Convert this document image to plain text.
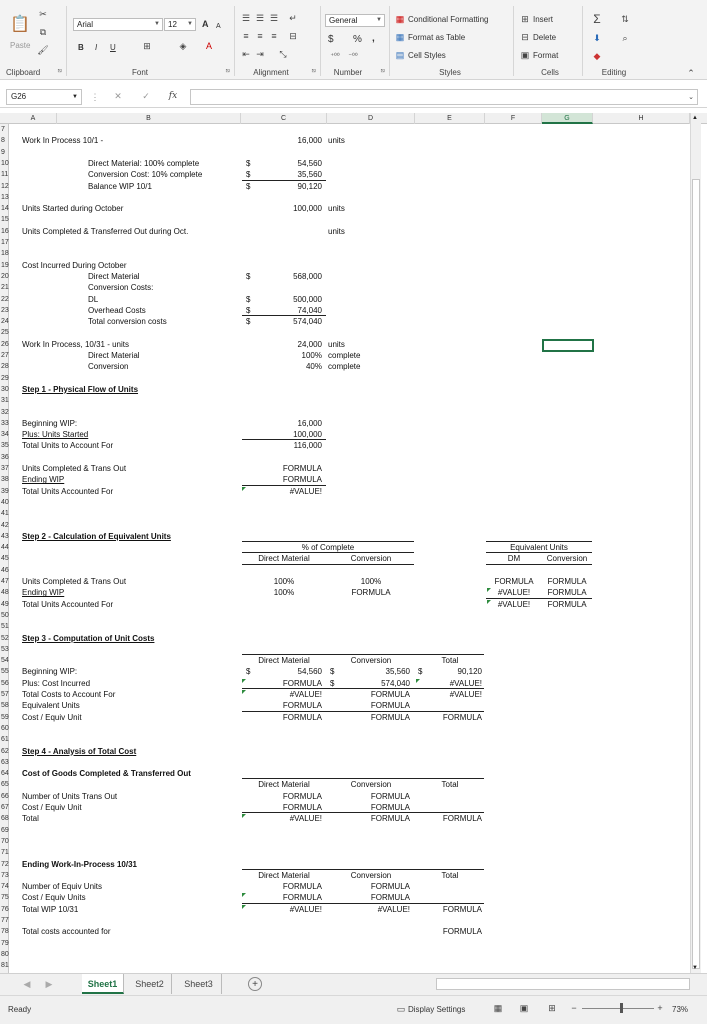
✂
⧉
🖌
📋
Paste
Clipboard	⧅
Arial	▼	12 ▼ A A
B I U	⊞	◈	A
Font	⧅
☰ ☰ ☰	↵
≡ ≡ ≡	⊟
⇤ ⇥	⤡
Alignment	⧅
General	▼
$ % ,
⁺⁰⁰	⁻⁰⁰
Number	⧅
▦ Conditional Formatting
▦ Format as Table
▤ Cell Styles
Styles
⊞ Insert
⊟ Delete
▣ Format
Cells
Σ	⇅
⬇	⌕
◆
Editing	⌃
G26	▼ ⋮ ✕ ✓	fx	⌄
A	B	C	D	E	F	G	H
7
8
9
10
11
12
13
14
15
16
17
18
19
20
21
22
23
24
25
26
27
28
29
30
31
32
33
34
35
36
37
38
39
40
41
42
43
44
45
46
47
48
49
50
51
52
53
54
55
56
57
58
59
60
61
62
63
64
65
66
67
68
69
70
71
72
73
74
75
76
77
78
79
80
81
Work In Process 10/1 -	16,000 units
Direct Material: 100% complete	$	54,560
Conversion Cost: 10% complete	$	35,560
Balance WIP 10/1	$	90,120
Units Started during October	100,000 units
Units Completed & Transferred Out during Oct.	units
Cost Incurred During October
Direct Material	$	568,000
Conversion Costs:
DL	$	500,000
Overhead Costs	$	74,040
Total conversion costs	$	574,040
Work In Process, 10/31 - units	24,000 units
Direct Material	100% complete
Conversion	40% complete
Step 1 - Physical Flow of Units
Beginning WIP:	16,000
Plus: Units Started	100,000
Total Units to Account For	116,000
Units Completed & Trans Out	FORMULA
Ending WIP	FORMULA
Total Units Accounted For	#VALUE!
Step 2 - Calculation of Equivalent Units
% of Complete	Equivalent Units
Direct Material	Conversion	DM	Conversion
Units Completed & Trans Out	100%	100%	FORMULA	FORMULA
Ending WIP	100%	FORMULA	#VALUE!	FORMULA
Total Units Accounted For	#VALUE!	FORMULA
Step 3 - Computation of Unit Costs
Direct Material	Conversion	Total
Beginning WIP:	$	54,560 $	35,560 $	90,120
Plus: Cost Incurred	FORMULA $	574,040	#VALUE!
Total Costs to Account For	#VALUE!	FORMULA	#VALUE!
Equivalent Units	FORMULA	FORMULA
Cost / Equiv Unit	FORMULA	FORMULA	FORMULA
Step 4 - Analysis of Total Cost
Cost of Goods Completed & Transferred Out
Direct Material	Conversion	Total
Number of Units Trans Out	FORMULA	FORMULA
Cost / Equiv Unit	FORMULA	FORMULA
Total	#VALUE!	FORMULA	FORMULA
Ending Work-In-Process 10/31
Direct Material	Conversion	Total
Number of Equiv Units	FORMULA	FORMULA
Cost / Equiv Units	FORMULA	FORMULA
Total WIP 10/31	#VALUE!	#VALUE!	FORMULA
Total costs accounted for	FORMULA
▲
▼
◀ ▶	Sheet1	Sheet2	Sheet3	+
Ready	▭ Display Settings	▦ ▣ ⊞ −	+ 73%
